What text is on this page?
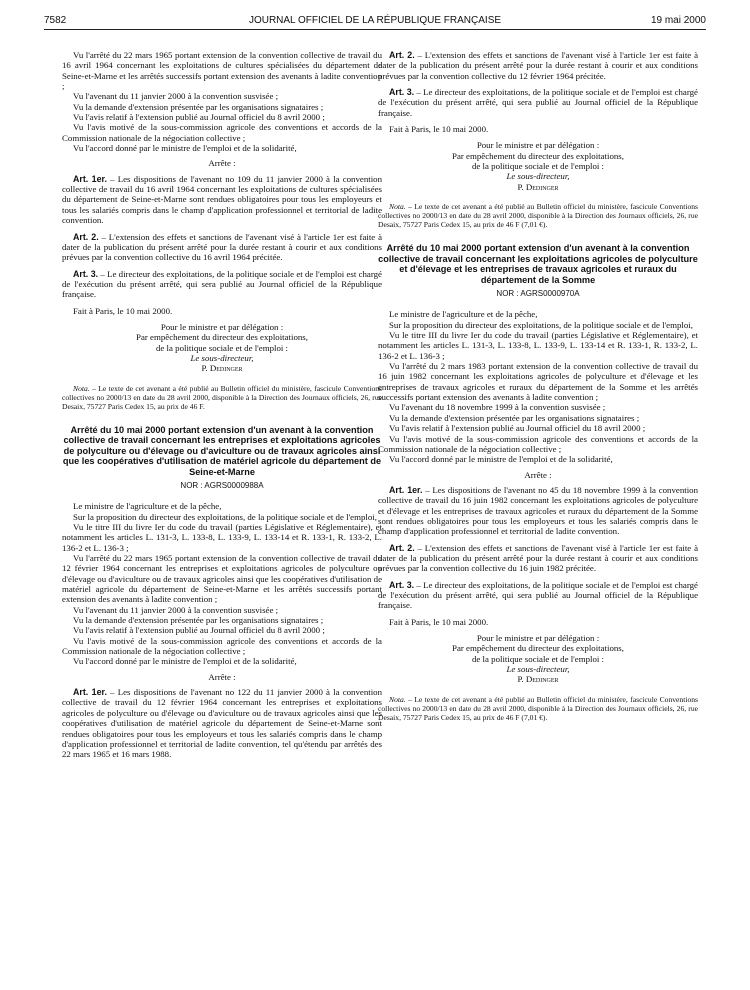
7582	JOURNAL OFFICIEL DE LA RÉPUBLIQUE FRANÇAISE	19 mai 2000

Vu l'arrêté du 22 mars 1965 portant extension de la convention collective de travail du 16 avril 1964 concernant les exploitations de cultures spécialisées du département de Seine-et-Marne et les arrêtés successifs portant extension des avenants à ladite convention ;

Vu l'avenant du 11 janvier 2000 à la convention susvisée ;

Vu la demande d'extension présentée par les organisations signataires ;

Vu l'avis relatif à l'extension publié au Journal officiel du 8 avril 2000 ;

Vu l'avis motivé de la sous-commission agricole des conventions et accords de la Commission nationale de la négociation collective ;

Vu l'accord donné par le ministre de l'emploi et de la solidarité,

Arrête :

Art. 1er. – Les dispositions de l'avenant no 109 du 11 janvier 2000 à la convention collective de travail du 16 avril 1964 concernant les exploitations de cultures spécialisées du département de Seine-et-Marne sont rendues obligatoires pour tous les employeurs et tous les salariés compris dans le champ d'application professionnel et territorial de ladite convention.

Art. 2. – L'extension des effets et sanctions de l'avenant visé à l'article 1er est faite à dater de la publication du présent arrêté pour la durée restant à courir et aux conditions prévues par la convention collective du 16 avril 1964 précitée.

Art. 3. – Le directeur des exploitations, de la politique sociale et de l'emploi est chargé de l'exécution du présent arrêté, qui sera publié au Journal officiel de la République française.

Fait à Paris, le 10 mai 2000.

Pour le ministre et par délégation :

Par empêchement du directeur des exploitations,

de la politique sociale et de l'emploi :

Le sous-directeur,

P. Dedinger

Nota. – Le texte de cet avenant a été publié au Bulletin officiel du ministère, fascicule Conventions collectives no 2000/13 en date du 28 avril 2000, disponible à la Direction des Journaux officiels, 26, rue Desaix, 75727 Paris Cedex 15, au prix de 46 F.

Arrêté du 10 mai 2000 portant extension d'un avenant à la convention collective de travail concernant les entreprises et exploitations agricoles de polyculture ou d'élevage ou d'aviculture ou de travaux agricoles ainsi que les coopératives d'utilisation de matériel agricole du département de Seine-et-Marne

NOR : AGRS0000988A

Le ministre de l'agriculture et de la pêche,

Sur la proposition du directeur des exploitations, de la politique sociale et de l'emploi,

Vu le titre III du livre Ier du code du travail (parties Législative et Réglementaire), et notamment les articles L. 131-3, L. 133-8, L. 133-9, L. 133-14 et R. 133-1, R. 133-2, L. 136-2 et L. 136-3 ;

Vu l'arrêté du 22 mars 1965 portant extension de la convention collective de travail du 12 février 1964 concernant les entreprises et exploitations agricoles de polyculture ou d'élevage ou d'aviculture ou de travaux agricoles ainsi que les coopératives d'utilisation de matériel agricole du département de Seine-et-Marne et les arrêtés successifs portant extension des avenants à ladite convention ;

Vu l'avenant du 11 janvier 2000 à la convention susvisée ;

Vu la demande d'extension présentée par les organisations signataires ;

Vu l'avis relatif à l'extension publié au Journal officiel du 8 avril 2000 ;

Vu l'avis motivé de la sous-commission agricole des conventions et accords de la Commission nationale de la négociation collective ;

Vu l'accord donné par le ministre de l'emploi et de la solidarité,

Arrête :

Art. 1er. – Les dispositions de l'avenant no 122 du 11 janvier 2000 à la convention collective de travail du 12 février 1964 concernant les entreprises et exploitations agricoles de polyculture ou d'élevage ou d'aviculture ou de travaux agricoles ainsi que les coopératives d'utilisation de matériel agricole du département de Seine-et-Marne sont rendues obligatoires pour tous les employeurs et tous les salariés compris dans le champ d'application professionnel et territorial de ladite convention, tel qu'étendu par arrêtés des 22 mars 1965 et 16 mars 1988.

Art. 2. – L'extension des effets et sanctions de l'avenant visé à l'article 1er est faite à dater de la publication du présent arrêté pour la durée restant à courir et aux conditions prévues par la convention collective du 12 février 1964 précitée.

Art. 3. – Le directeur des exploitations, de la politique sociale et de l'emploi est chargé de l'exécution du présent arrêté, qui sera publié au Journal officiel de la République française.

Fait à Paris, le 10 mai 2000.

Pour le ministre et par délégation :

Par empêchement du directeur des exploitations,

de la politique sociale et de l'emploi :

Le sous-directeur,

P. Dedinger

Nota. – Le texte de cet avenant a été publié au Bulletin officiel du ministère, fascicule Conventions collectives no 2000/13 en date du 28 avril 2000, disponible à la Direction des Journaux officiels, 26, rue Desaix, 75727 Paris Cedex 15, au prix de 46 F (7,01 €).

Arrêté du 10 mai 2000 portant extension d'un avenant à la convention collective de travail concernant les exploitations agricoles de polyculture et d'élevage et les entreprises de travaux agricoles et ruraux du département de la Somme

NOR : AGRS0000970A

Le ministre de l'agriculture et de la pêche,

Sur la proposition du directeur des exploitations, de la politique sociale et de l'emploi,

Vu le titre III du livre Ier du code du travail (parties Législative et Réglementaire), et notamment les articles L. 131-3, L. 133-8, L. 133-9, L. 133-14 et R. 133-1, R. 133-2, L. 136-2 et L. 136-3 ;

Vu l'arrêté du 2 mars 1983 portant extension de la convention collective de travail du 16 juin 1982 concernant les exploitations agricoles de polyculture et d'élevage et les entreprises de travaux agricoles et ruraux du département de la Somme et les arrêtés successifs portant extension des avenants à ladite convention ;

Vu l'avenant du 18 novembre 1999 à la convention susvisée ;

Vu la demande d'extension présentée par les organisations signataires ;

Vu l'avis relatif à l'extension publié au Journal officiel du 18 avril 2000 ;

Vu l'avis motivé de la sous-commission agricole des conventions et accords de la Commission nationale de la négociation collective ;

Vu l'accord donné par le ministre de l'emploi et de la solidarité,

Arrête :

Art. 1er. – Les dispositions de l'avenant no 45 du 18 novembre 1999 à la convention collective de travail du 16 juin 1982 concernant les exploitations agricoles de polyculture et d'élevage et les entreprises de travaux agricoles et ruraux du département de la Somme sont rendues obligatoires pour tous les employeurs et tous les salariés compris dans le champ d'application professionnel et territorial de ladite convention.

Art. 2. – L'extension des effets et sanctions de l'avenant visé à l'article 1er est faite à dater de la publication du présent arrêté pour la durée restant à courir et aux conditions prévues par la convention collective du 16 juin 1982 précitée.

Art. 3. – Le directeur des exploitations, de la politique sociale et de l'emploi est chargé de l'exécution du présent arrêté, qui sera publié au Journal officiel de la République française.

Fait à Paris, le 10 mai 2000.

Pour le ministre et par délégation :

Par empêchement du directeur des exploitations,

de la politique sociale et de l'emploi :

Le sous-directeur,

P. Dedinger

Nota. – Le texte de cet avenant a été publié au Bulletin officiel du ministère, fascicule Conventions collectives no 2000/13 en date du 28 avril 2000, disponible à la Direction des Journaux officiels, 26, rue Desaix, 75727 Paris Cedex 15, au prix de 46 F (7,01 €).
